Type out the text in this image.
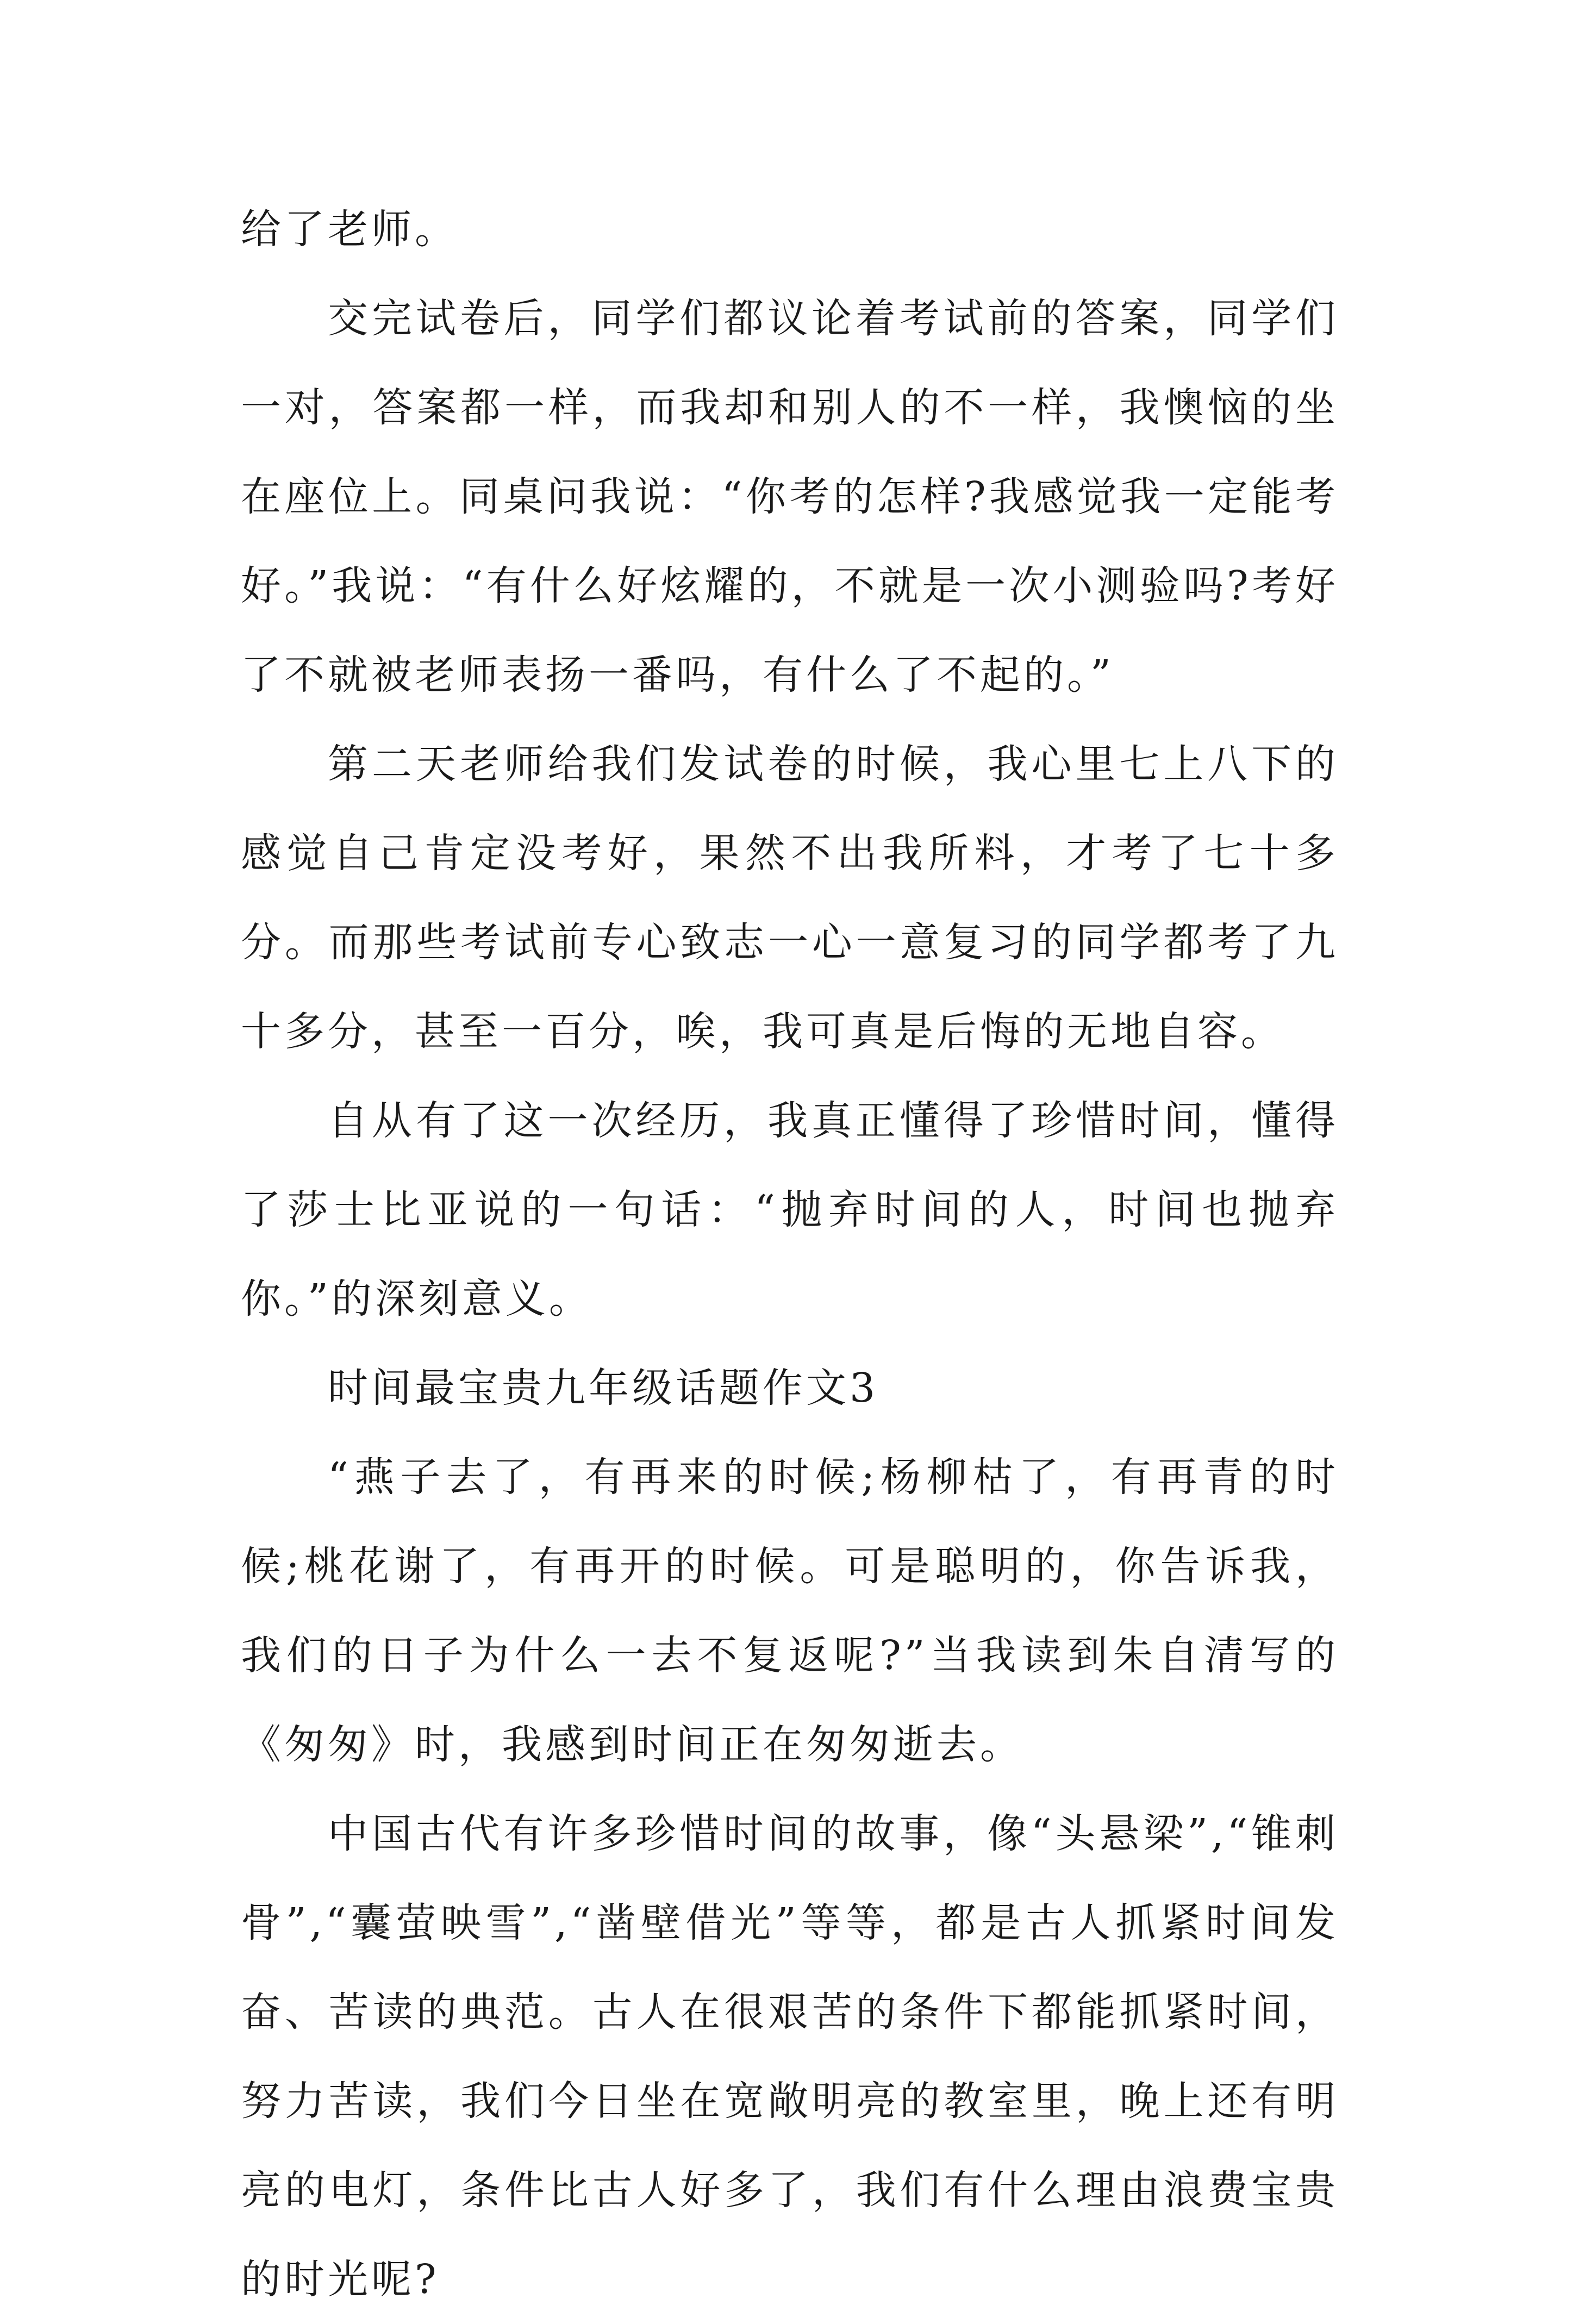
给了老师。

交完试卷后，同学们都议论着考试前的答案，同学们一对，答案都一样，而我却和别人的不一样，我懊恼的坐在座位上。同桌问我说：“你考的怎样?我感觉我一定能考好。”我说：“有什么好炫耀的，不就是一次小测验吗?考好了不就被老师表扬一番吗，有什么了不起的。”

第二天老师给我们发试卷的时候，我心里七上八下的感觉自己肯定没考好，果然不出我所料，才考了七十多分。而那些考试前专心致志一心一意复习的同学都考了九十多分，甚至一百分，唉，我可真是后悔的无地自容。

自从有了这一次经历，我真正懂得了珍惜时间，懂得了莎士比亚说的一句话：“抛弃时间的人，时间也抛弃你。”的深刻意义。

时间最宝贵九年级话题作文3

“燕子去了，有再来的时候;杨柳枯了，有再青的时候;桃花谢了，有再开的时候。可是聪明的，你告诉我，我们的日子为什么一去不复返呢?”当我读到朱自清写的《匆匆》时，我感到时间正在匆匆逝去。

中国古代有许多珍惜时间的故事，像“头悬梁”,“锥刺骨”,“囊萤映雪”,“凿壁借光”等等，都是古人抓紧时间发奋、苦读的典范。古人在很艰苦的条件下都能抓紧时间，努力苦读，我们今日坐在宽敞明亮的教室里，晚上还有明亮的电灯，条件比古人好多了，我们有什么理由浪费宝贵的时光呢?
